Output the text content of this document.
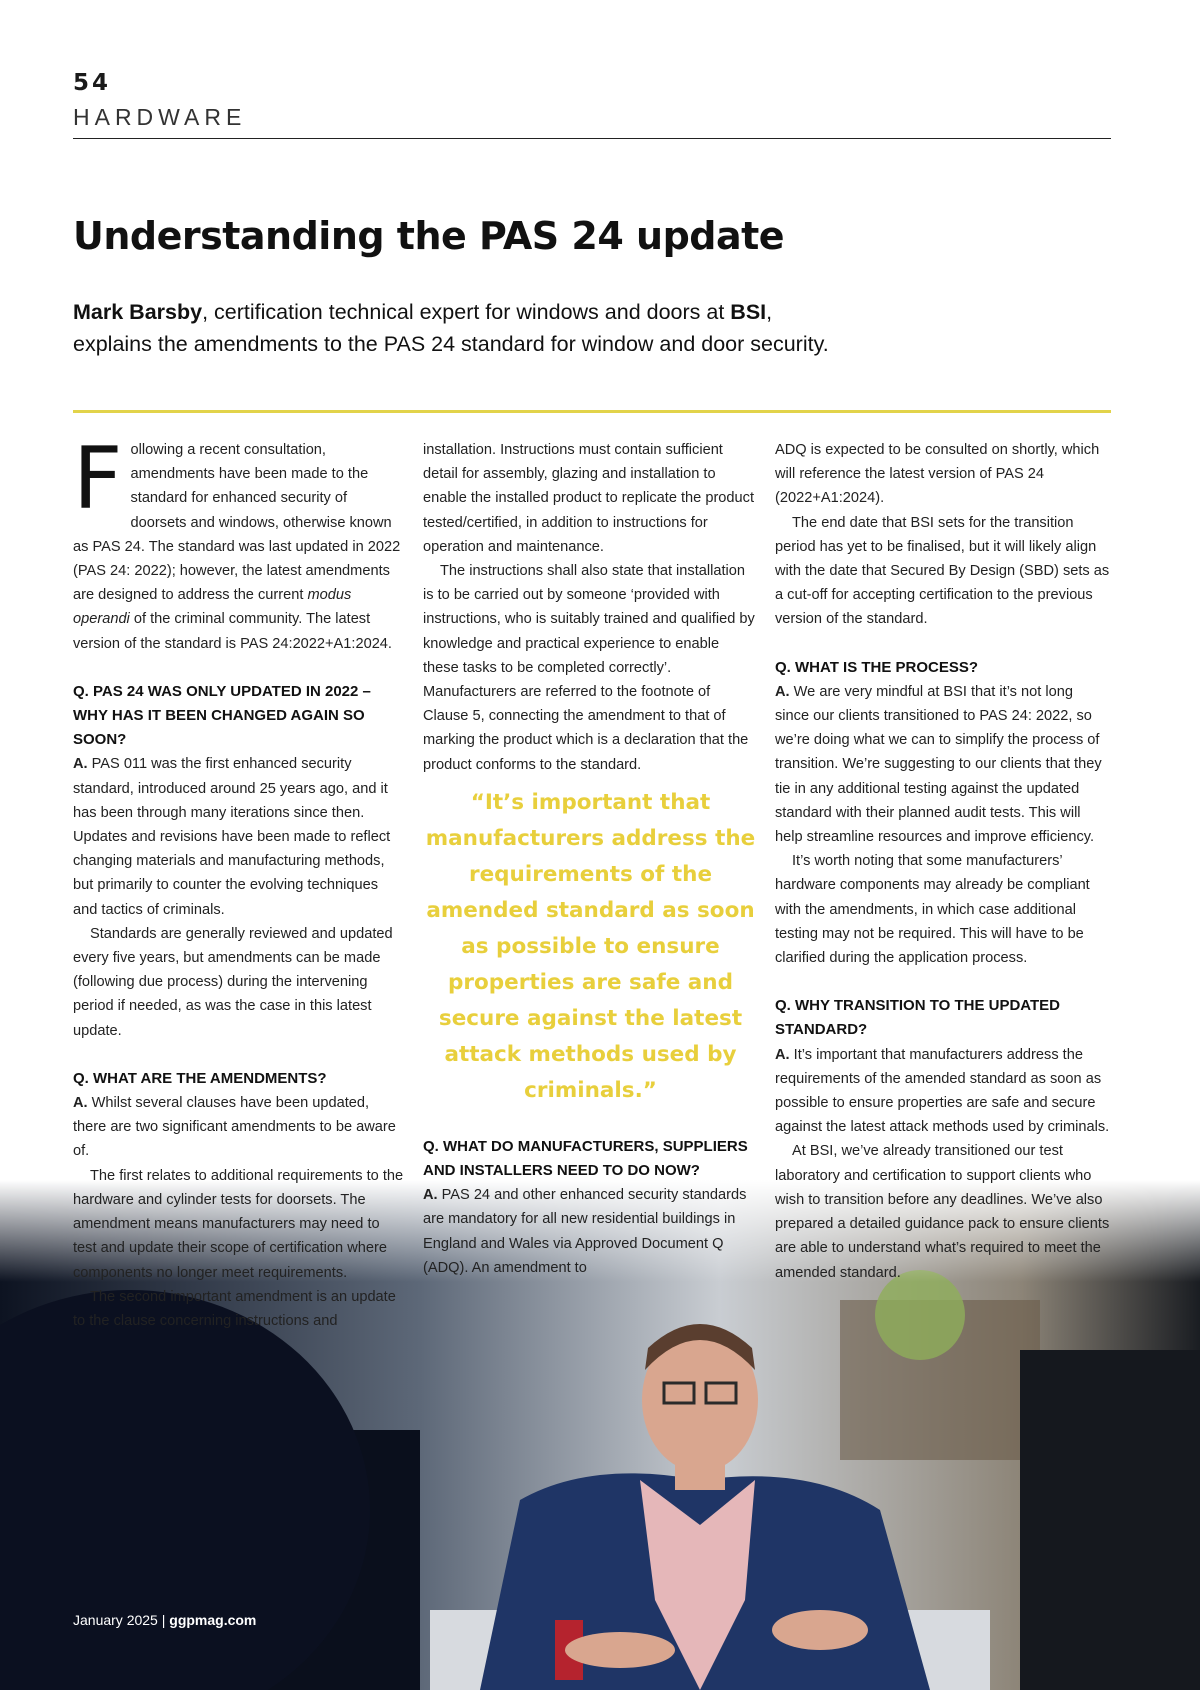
54
HARDWARE
Understanding the PAS 24 update

Mark Barsby, certification technical expert for windows and doors at BSI,
explains the amendments to the PAS 24 standard for window and door security.

Following a recent consultation, amendments have been made to the standard for enhanced security of doorsets and windows, otherwise known as PAS 24. The standard was last updated in 2022 (PAS 24: 2022); however, the latest amendments are designed to address the current modus operandi of the criminal community. The latest version of the standard is PAS 24:2022+A1:2024.

Q. PAS 24 WAS ONLY UPDATED IN 2022 – WHY HAS IT BEEN CHANGED AGAIN SO SOON?

A. PAS 011 was the first enhanced security standard, introduced around 25 years ago, and it has been through many iterations since then. Updates and revisions have been made to reflect changing materials and manufacturing methods, but primarily to counter the evolving techniques and tactics of criminals.

Standards are generally reviewed and updated every five years, but amendments can be made (following due process) during the intervening period if needed, as was the case in this latest update.

Q. WHAT ARE THE AMENDMENTS?

A. Whilst several clauses have been updated, there are two significant amendments to be aware of.

The first relates to additional requirements to the hardware and cylinder tests for doorsets. The amendment means manufacturers may need to test and update their scope of certification where components no longer meet requirements.

The second important amendment is an update to the clause concerning instructions and

installation. Instructions must contain sufficient detail for assembly, glazing and installation to enable the installed product to replicate the product tested/certified, in addition to instructions for operation and maintenance.

The instructions shall also state that installation is to be carried out by someone ‘provided with instructions, who is suitably trained and qualified by knowledge and practical experience to enable these tasks to be completed correctly’. Manufacturers are referred to the footnote of Clause 5, connecting the amendment to that of marking the product which is a declaration that the product conforms to the standard.

“It’s important that manufacturers address the requirements of the amended standard as soon as possible to ensure properties are safe and secure against the latest attack methods used by criminals.”
Q. WHAT DO MANUFACTURERS, SUPPLIERS AND INSTALLERS NEED TO DO NOW?

A. PAS 24 and other enhanced security standards are mandatory for all new residential buildings in England and Wales via Approved Document Q (ADQ). An amendment to

ADQ is expected to be consulted on shortly, which will reference the latest version of PAS 24 (2022+A1:2024).

The end date that BSI sets for the transition period has yet to be finalised, but it will likely align with the date that Secured By Design (SBD) sets as a cut-off for accepting certification to the previous version of the standard.

Q. WHAT IS THE PROCESS?

A. We are very mindful at BSI that it’s not long since our clients transitioned to PAS 24: 2022, so we’re doing what we can to simplify the process of transition. We’re suggesting to our clients that they tie in any additional testing against the updated standard with their planned audit tests. This will help streamline resources and improve efficiency.

It’s worth noting that some manufacturers’ hardware components may already be compliant with the amendments, in which case additional testing may not be required. This will have to be clarified during the application process.

Q. WHY TRANSITION TO THE UPDATED STANDARD?

A. It’s important that manufacturers address the requirements of the amended standard as soon as possible to ensure properties are safe and secure against the latest attack methods used by criminals.

At BSI, we’ve already transitioned our test laboratory and certification to support clients who wish to transition before any deadlines. We’ve also prepared a detailed guidance pack to ensure clients are able to understand what’s required to meet the amended standard.

January 2025 | ggpmag.com
